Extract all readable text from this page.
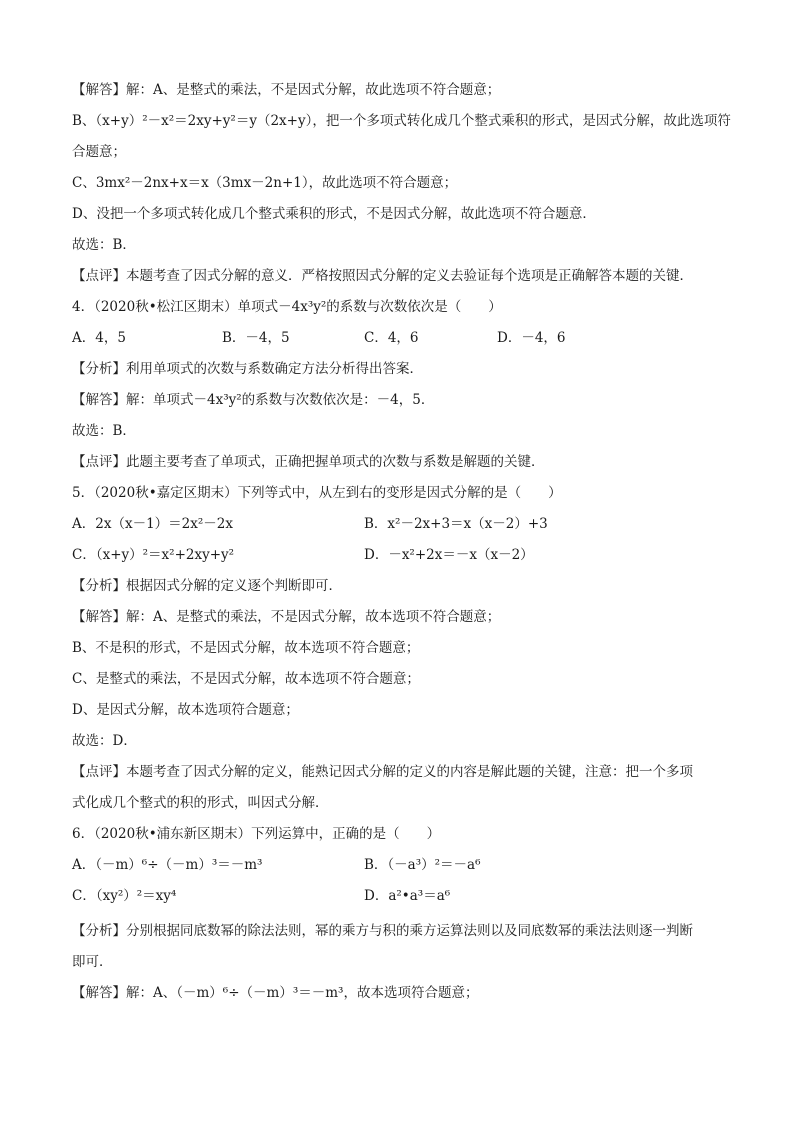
【解答】解：A、是整式的乘法，不是因式分解，故此选项不符合题意；
B、（x+y）²－x²＝2xy+y²＝y（2x+y），把一个多项式转化成几个整式乘积的形式，是因式分解，故此选项符
合题意；
C、3mx²－2nx+x＝x（3mx－2n+1），故此选项不符合题意；
D、没把一个多项式转化成几个整式乘积的形式，不是因式分解，故此选项不符合题意．
故选：B．
【点评】本题考查了因式分解的意义．严格按照因式分解的定义去验证每个选项是正确解答本题的关键．
4．（2020秋•松江区期末）单项式－4x³y²的系数与次数依次是（　　）
A．4，5	B．－4，5	C．4，6	D．－4，6
【分析】利用单项式的次数与系数确定方法分析得出答案．
【解答】解：单项式－4x³y²的系数与次数依次是：－4，5．
故选：B．
【点评】此题主要考查了单项式，正确把握单项式的次数与系数是解题的关键．
5．（2020秋•嘉定区期末）下列等式中，从左到右的变形是因式分解的是（　　）
A．2x（x－1）＝2x²－2x	B．x²－2x+3＝x（x－2）+3
C．（x+y）²＝x²+2xy+y²	D．－x²+2x＝－x（x－2）
【分析】根据因式分解的定义逐个判断即可．
【解答】解：A、是整式的乘法，不是因式分解，故本选项不符合题意；
B、不是积的形式，不是因式分解，故本选项不符合题意；
C、是整式的乘法，不是因式分解，故本选项不符合题意；
D、是因式分解，故本选项符合题意；
故选：D．
【点评】本题考查了因式分解的定义，能熟记因式分解的定义的内容是解此题的关键，注意：把一个多项
式化成几个整式的积的形式，叫因式分解．
6．（2020秋•浦东新区期末）下列运算中，正确的是（　　）
A．（－m）⁶÷（－m）³＝－m³	B．（－a³）²＝－a⁶
C．（xy²）²＝xy⁴	D．a²•a³＝a⁶
【分析】分别根据同底数幂的除法法则，幂的乘方与积的乘方运算法则以及同底数幂的乘法法则逐一判断
即可．
【解答】解：A、（－m）⁶÷（－m）³＝－m³，故本选项符合题意；
